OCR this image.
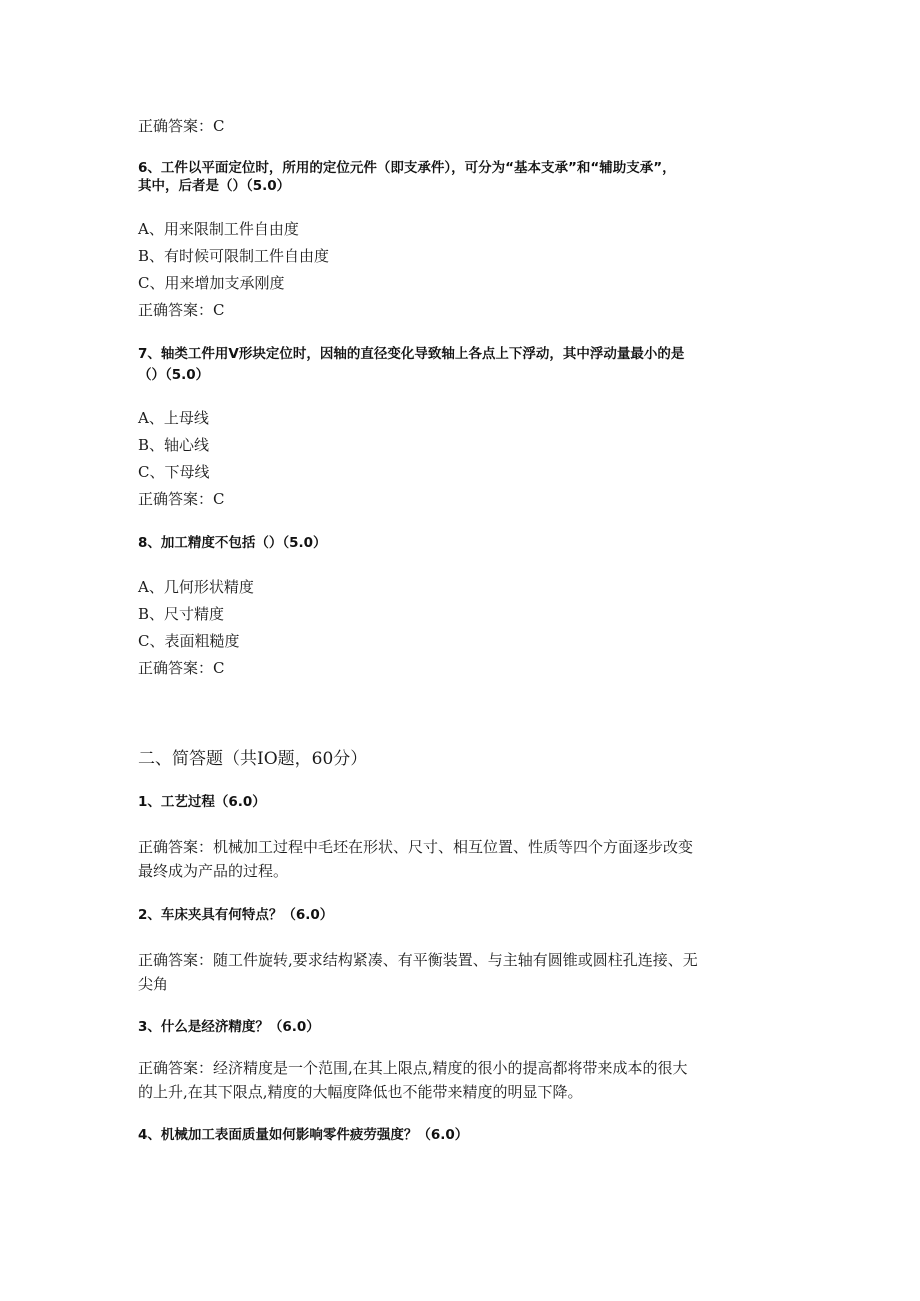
正确答案：C
6、工件以平面定位时，所用的定位元件（即支承件），可分为“基本支承”和“辅助支承”，
其中，后者是（）（5.0）
A、用来限制工件自由度
B、有时候可限制工件自由度
C、用来增加支承刚度
正确答案：C
7、轴类工件用V形块定位时，因轴的直径变化导致轴上各点上下浮动，其中浮动量最小的是
（）（5.0）
A、上母线
B、轴心线
C、下母线
正确答案：C
8、加工精度不包括（）（5.0）
A、几何形状精度
B、尺寸精度
C、表面粗糙度
正确答案：C
二、简答题（共IO题，60分）
1、工艺过程（6.0）
正确答案：机械加工过程中毛坯在形状、尺寸、相互位置、性质等四个方面逐步改变
最终成为产品的过程。
2、车床夹具有何特点？（6.0）
正确答案：随工件旋转,要求结构紧凑、有平衡装置、与主轴有圆锥或圆柱孔连接、无
尖角
3、什么是经济精度？（6.0）
正确答案：经济精度是一个范围,在其上限点,精度的很小的提高都将带来成本的很大
的上升,在其下限点,精度的大幅度降低也不能带来精度的明显下降。
4、机械加工表面质量如何影响零件疲劳强度？（6.0）
